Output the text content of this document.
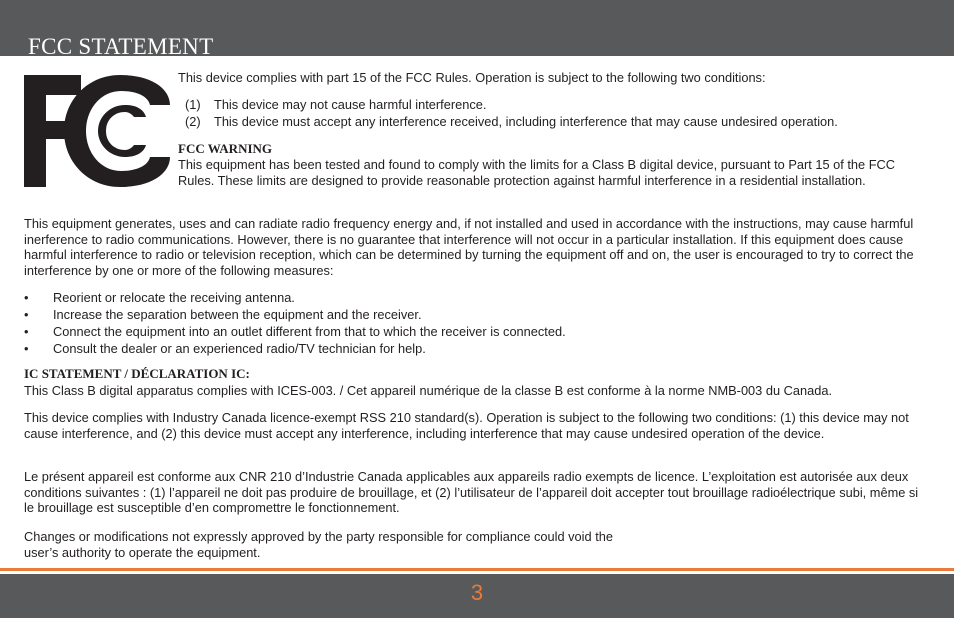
FCC STATEMENT

This device complies with part 15 of the FCC Rules. Operation is subject to the following two conditions:

(1) This device may not cause harmful interference.
(2) This device must accept any interference received, including interference that may cause undesired operation.

FCC WARNING

This equipment has been tested and found to comply with the limits for a Class B digital device, pursuant to Part 15 of the FCC Rules. These limits are designed to provide reasonable protection against harmful interference in a residential installation.

This equipment generates, uses and can radiate radio frequency energy and, if not installed and used in accordance with the instructions, may cause harmful inerference to radio communications. However, there is no guarantee that interference will not occur in a particular installation. If this equipment does cause harmful interference to radio or television reception, which can be determined by turning the equipment off and on, the user is encouraged to try to correct the interference by one or more of the following measures:

• Reorient or relocate the receiving antenna.
• Increase the separation between the equipment and the receiver.
• Connect the equipment into an outlet different from that to which the receiver is connected.
• Consult the dealer or an experienced radio/TV technician for help.

IC STATEMENT / DÉCLARATION IC:

This Class B digital apparatus complies with ICES-003. / Cet appareil numérique de la classe B est conforme à la norme NMB-003 du Canada.

This device complies with Industry Canada licence-exempt RSS 210 standard(s). Operation is subject to the following two conditions: (1) this device may not cause interference, and (2) this device must accept any interference, including interference that may cause undesired operation of the device.

Le présent appareil est conforme aux CNR 210 d’Industrie Canada applicables aux appareils radio exempts de licence. L’exploitation est autorisée aux deux conditions suivantes : (1) l’appareil ne doit pas produire de brouillage, et (2) l’utilisateur de l’appareil doit accepter tout brouillage radioélectrique subi, même si le brouillage est susceptible d’en compromettre le fonctionnement.

Changes or modifications not expressly approved by the party responsible for compliance could void the

user’s authority to operate the equipment.

3
